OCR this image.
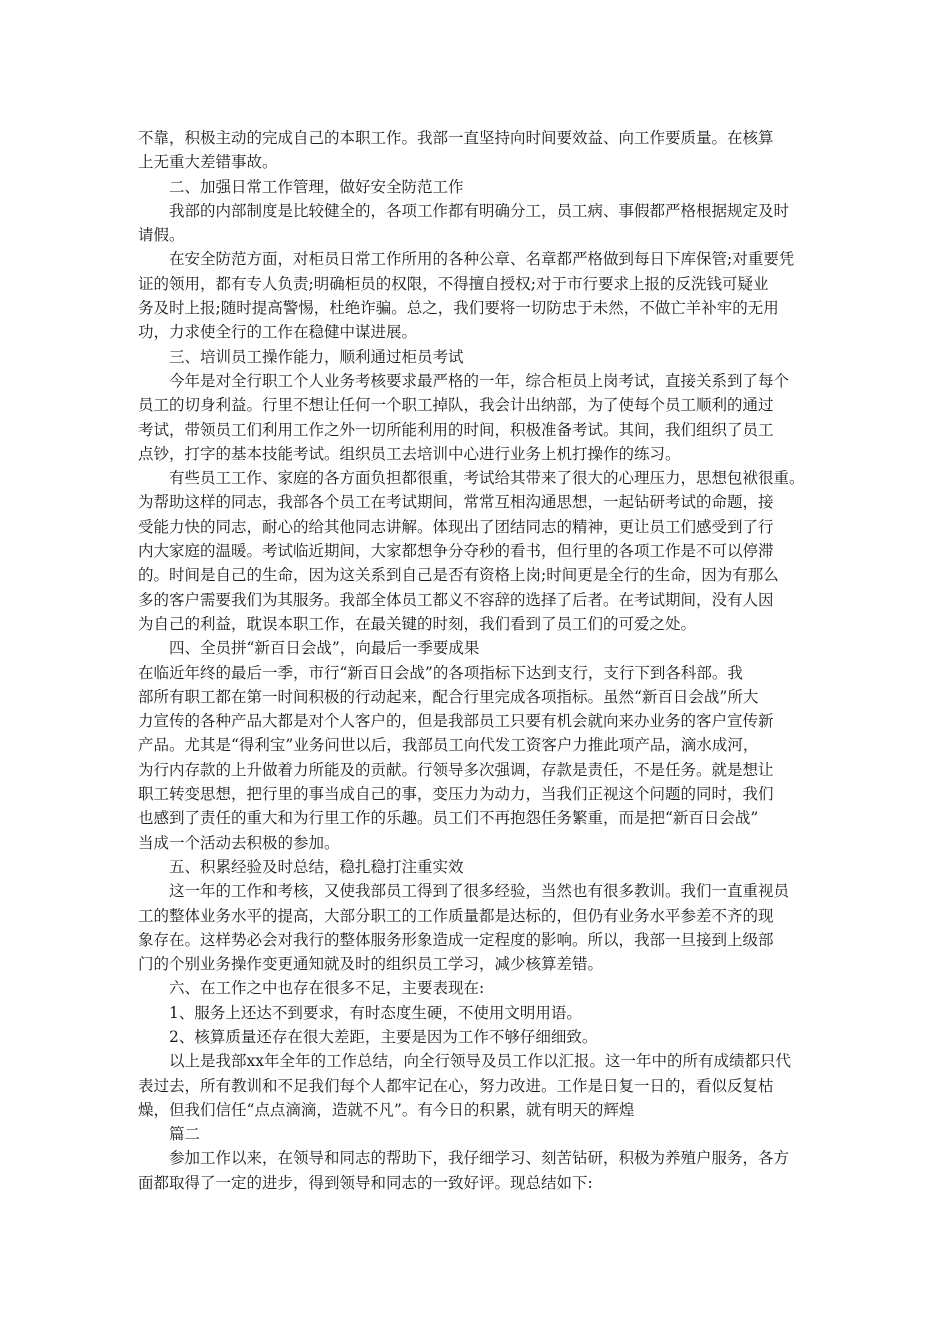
不靠，积极主动的完成自己的本职工作。我部一直坚持向时间要效益、向工作要质量。在核算
上无重大差错事故。
二、加强日常工作管理，做好安全防范工作
我部的内部制度是比较健全的，各项工作都有明确分工，员工病、事假都严格根据规定及时
请假。
在安全防范方面，对柜员日常工作所用的各种公章、名章都严格做到每日下库保管;对重要凭
证的领用，都有专人负责;明确柜员的权限，不得擅自授权;对于市行要求上报的反洗钱可疑业
务及时上报;随时提高警惕，杜绝诈骗。总之，我们要将一切防忠于未然，不做亡羊补牢的无用
功，力求使全行的工作在稳健中谋进展。
三、培训员工操作能力，顺利通过柜员考试
今年是对全行职工个人业务考核要求最严格的一年，综合柜员上岗考试，直接关系到了每个
员工的切身利益。行里不想让任何一个职工掉队，我会计出纳部，为了使每个员工顺利的通过
考试，带领员工们利用工作之外一切所能利用的时间，积极准备考试。其间，我们组织了员工
点钞，打字的基本技能考试。组织员工去培训中心进行业务上机打操作的练习。
有些员工工作、家庭的各方面负担都很重，考试给其带来了很大的心理压力，思想包袱很重。
为帮助这样的同志，我部各个员工在考试期间，常常互相沟通思想，一起钻研考试的命题，接
受能力快的同志，耐心的给其他同志讲解。体现出了团结同志的精神，更让员工们感受到了行
内大家庭的温暖。考试临近期间，大家都想争分夺秒的看书，但行里的各项工作是不可以停滞
的。时间是自己的生命，因为这关系到自己是否有资格上岗;时间更是全行的生命，因为有那么
多的客户需要我们为其服务。我部全体员工都义不容辞的选择了后者。在考试期间，没有人因
为自己的利益，耽误本职工作，在最关键的时刻，我们看到了员工们的可爱之处。
四、全员拼“新百日会战”，向最后一季要成果
在临近年终的最后一季，市行“新百日会战”的各项指标下达到支行，支行下到各科部。我
部所有职工都在第一时间积极的行动起来，配合行里完成各项指标。虽然“新百日会战”所大
力宣传的各种产品大都是对个人客户的，但是我部员工只要有机会就向来办业务的客户宣传新
产品。尤其是“得利宝”业务问世以后，我部员工向代发工资客户力推此项产品，滴水成河，
为行内存款的上升做着力所能及的贡献。行领导多次强调，存款是责任，不是任务。就是想让
职工转变思想，把行里的事当成自己的事，变压力为动力，当我们正视这个问题的同时，我们
也感到了责任的重大和为行里工作的乐趣。员工们不再抱怨任务繁重，而是把“新百日会战”
当成一个活动去积极的参加。
五、积累经验及时总结，稳扎稳打注重实效
这一年的工作和考核，又使我部员工得到了很多经验，当然也有很多教训。我们一直重视员
工的整体业务水平的提高，大部分职工的工作质量都是达标的，但仍有业务水平参差不齐的现
象存在。这样势必会对我行的整体服务形象造成一定程度的影响。所以，我部一旦接到上级部
门的个别业务操作变更通知就及时的组织员工学习，减少核算差错。
六、在工作之中也存在很多不足，主要表现在:
1、服务上还达不到要求，有时态度生硬，不使用文明用语。
2、核算质量还存在很大差距，主要是因为工作不够仔细细致。
以上是我部xx年全年的工作总结，向全行领导及员工作以汇报。这一年中的所有成绩都只代
表过去，所有教训和不足我们每个人都牢记在心，努力改进。工作是日复一日的，看似反复枯
燥，但我们信任“点点滴滴，造就不凡”。有今日的积累，就有明天的辉煌
篇二
参加工作以来，在领导和同志的帮助下，我仔细学习、刻苦钻研，积极为养殖户服务，各方
面都取得了一定的进步，得到领导和同志的一致好评。现总结如下:
